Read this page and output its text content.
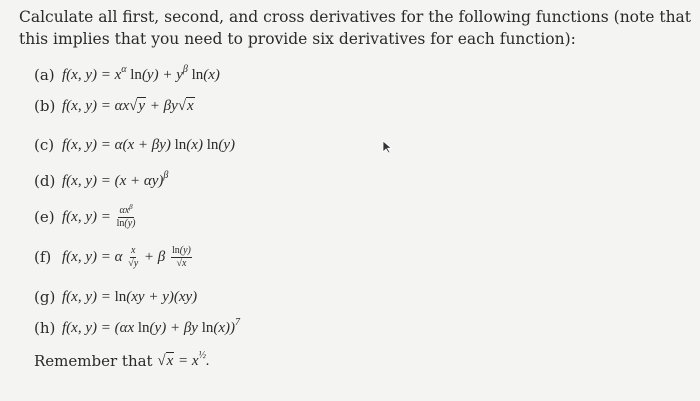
Calculate all first, second, and cross derivatives for the following functions (note that
this implies that you need to provide six derivatives for each function):
(a) f(x, $y) = x^\alpha$ $\ln(y) + y^\beta$ ln(x)
(b) f(x, y) = αx√y + βy√x
(c) f(x, y) = α(x + βy) ln(x) ln(y)
(d) f(x, $y) = (x + \alpha y)^\beta$
(e) f(x, $y) = \frac{\alpha x^\beta}{\ln(y)}$
(f) f(x, y) = α $\frac{x}{√y} + \beta \frac{\ln(y)}{√x}$
(g) f(x, y) = ln(xy + y)(xy)
(h) f(x, y) = (αx ln(y) + βy ln(x))$^7$
Remember that
$√x = x^{\frac{1}{2}}$.
